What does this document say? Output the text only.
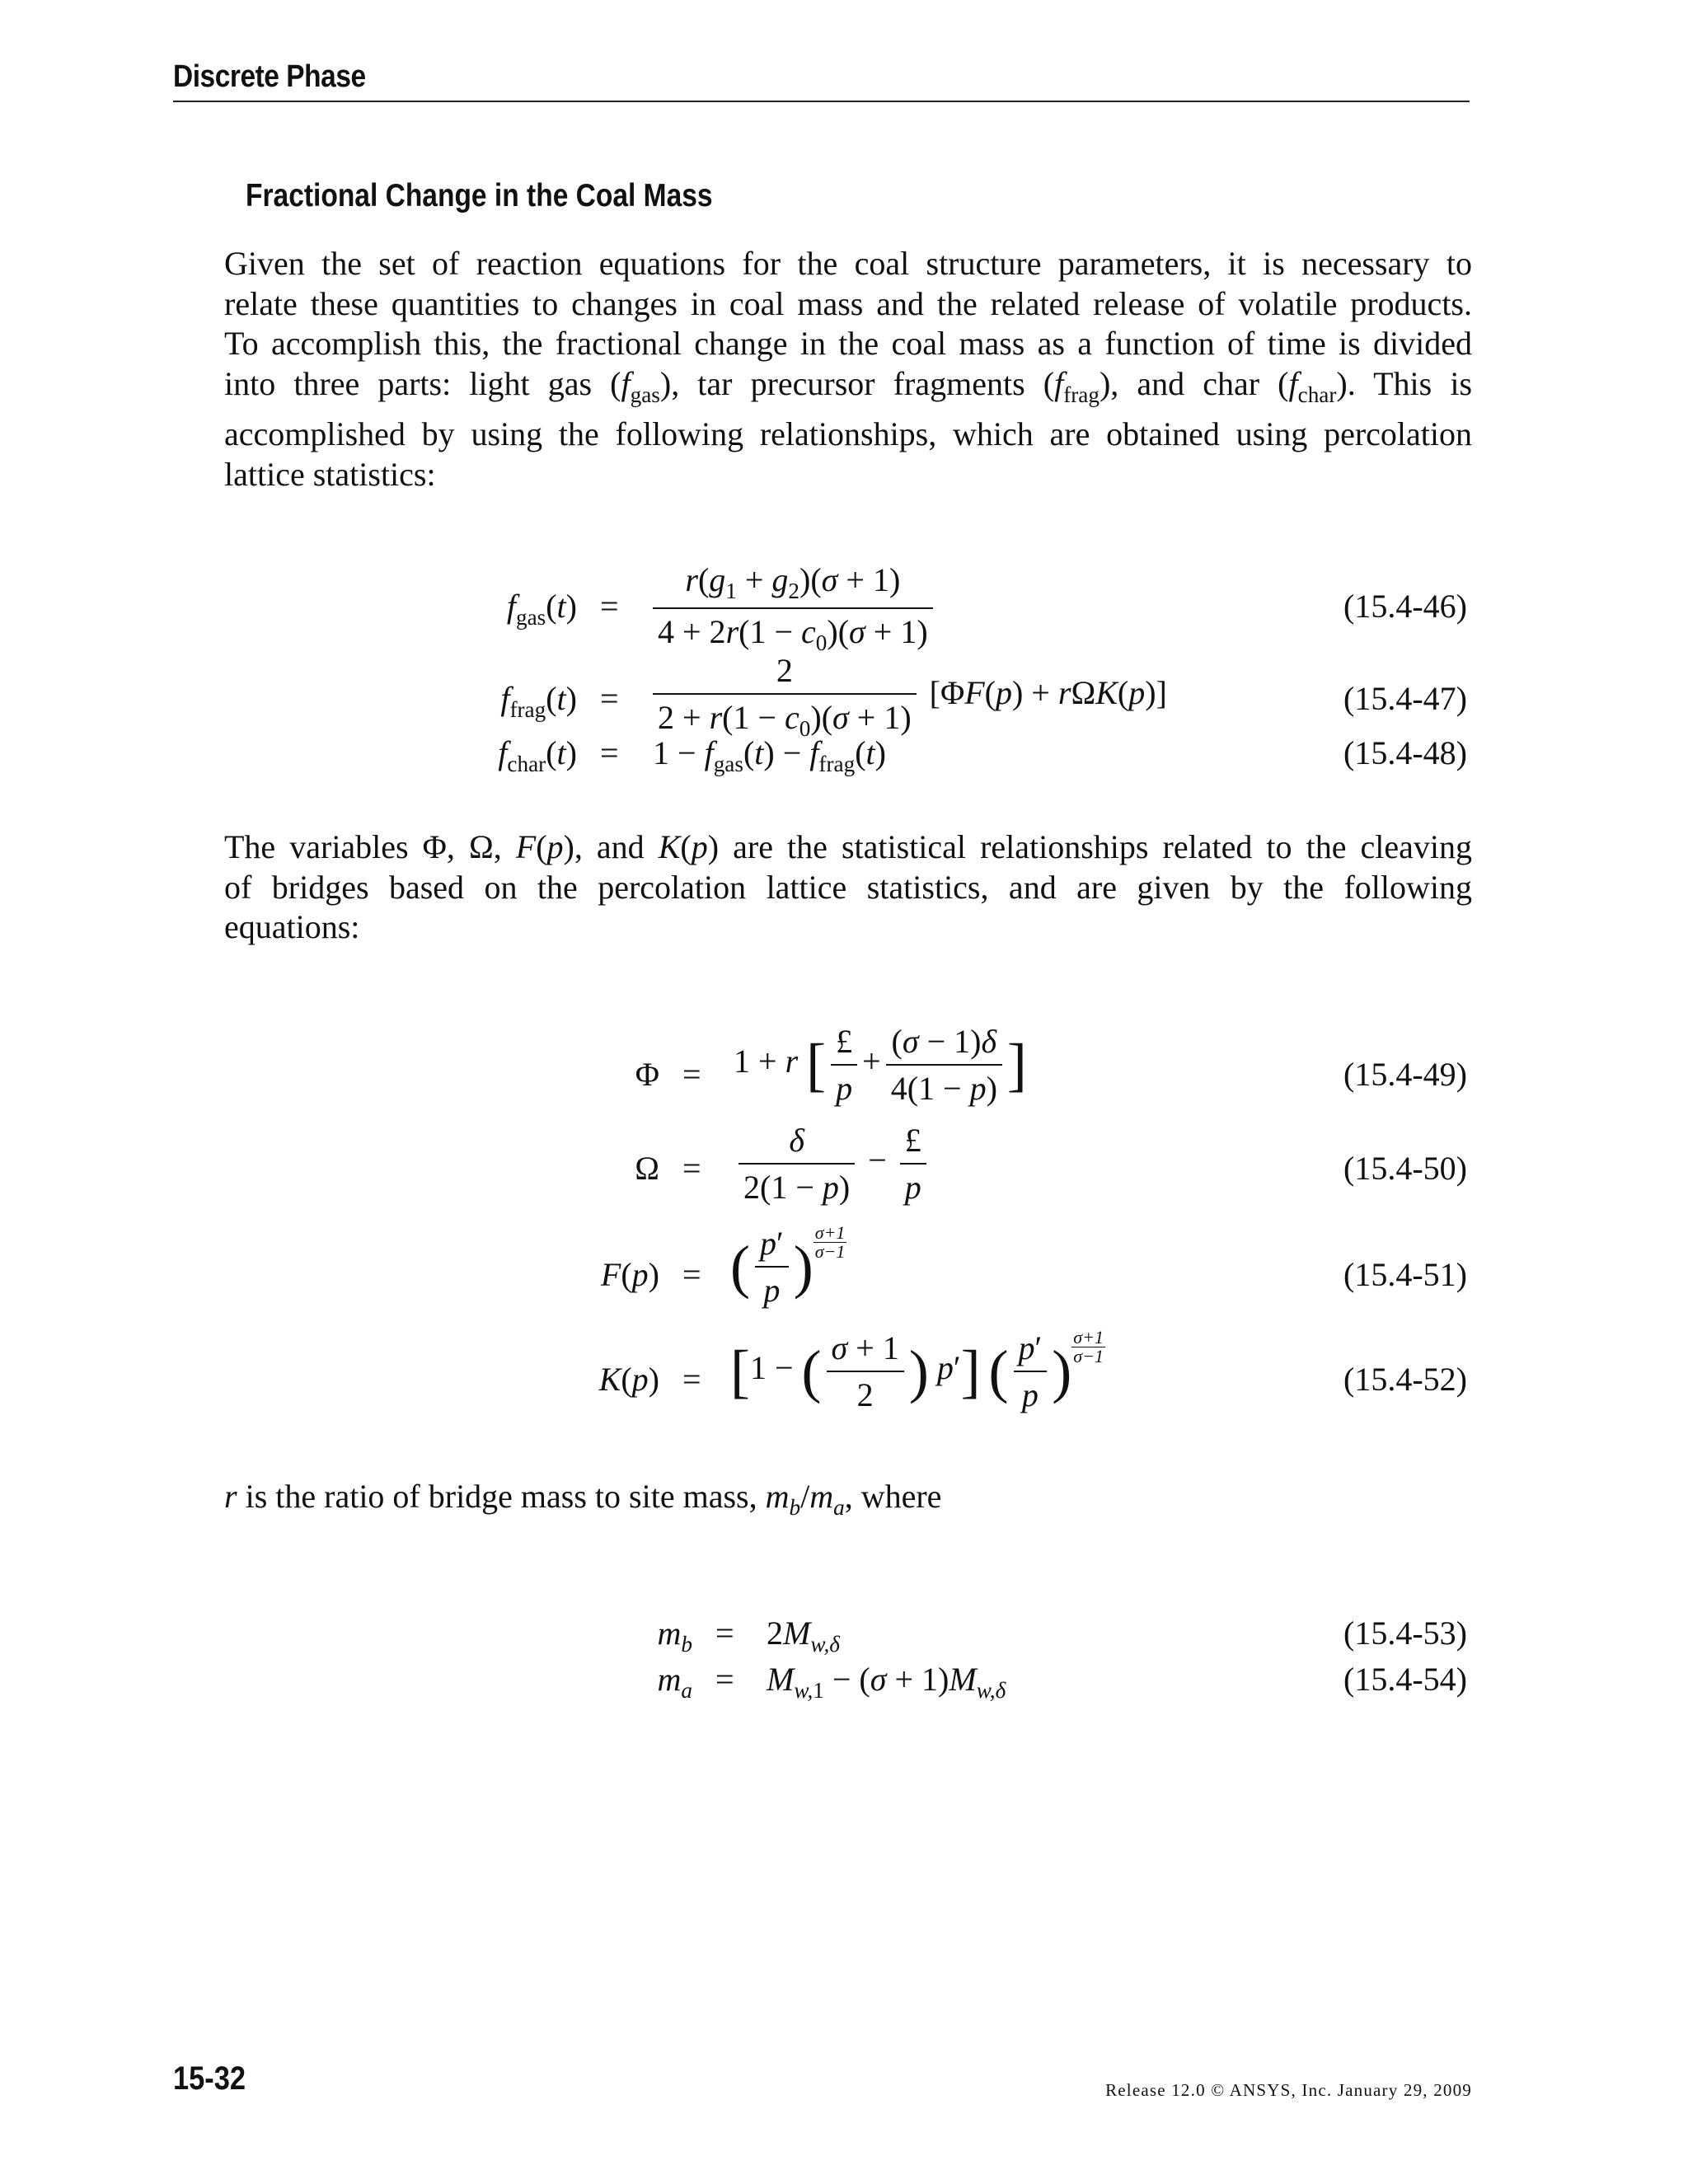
Discrete Phase
Fractional Change in the Coal Mass
Given the set of reaction equations for the coal structure parameters, it is necessary to
relate these quantities to changes in coal mass and the related release of volatile products.
To accomplish this, the fractional change in the coal mass as a function of time is divided
into three parts: light gas $(f_{gas})$, tar precursor fragments $(f_{frag})$, and char $(f_{char})$. This is
accomplished by using the following relationships, which are obtained using percolation
lattice statistics:
$f_{gas}(t) = \frac{r(g_1 + g_2)(\sigma + 1)}{4 + 2r(1 - c_0)(\sigma + 1)}$	(15.4-46)
$f_{frag}(t) = \frac{2}{2 + r(1 - c_0)(\sigma + 1)} [\Phi F(p) + r\Omega K(p)]$	(15.4-47)
$f_{char}(t) = 1 - f_{gas}(t) - f_{frag}(t)$	(15.4-48)
The variables Φ, Ω, F(p), and K(p) are the statistical relationships related to the cleaving
of bridges based on the percolation lattice statistics, and are given by the following
equations:
Φ = 1 + r [ $\frac{£}{p} + \frac{(\sigma - 1)\delta}{4(1 - p)}$ ]	(15.4-49)
$\Omega = \frac{\delta}{2(1 - p)} - \frac{£}{p}$	(15.4-50)
F(p) = ( $\frac{p'}{p}$ ) $\frac{\sigma+1}{\sigma-1}$
(15.4-51)
K(p) = [1 − ( $\frac{\sigma + 1}{2}$ ) p′] ( $\frac{p'}{p}$ ) $\frac{\sigma+1}{\sigma-1}$
(15.4-52)
r is the ratio of bridge mass to site mass, $m_b/m_a$, where
$m_b = 2M_{w,\delta}$	(15.4-53)
$m_a = M_{w,1} - (\sigma + 1)M_{w,\delta}$	(15.4-54)
15-32	Release 12.0 © ANSYS, Inc. January 29, 2009
